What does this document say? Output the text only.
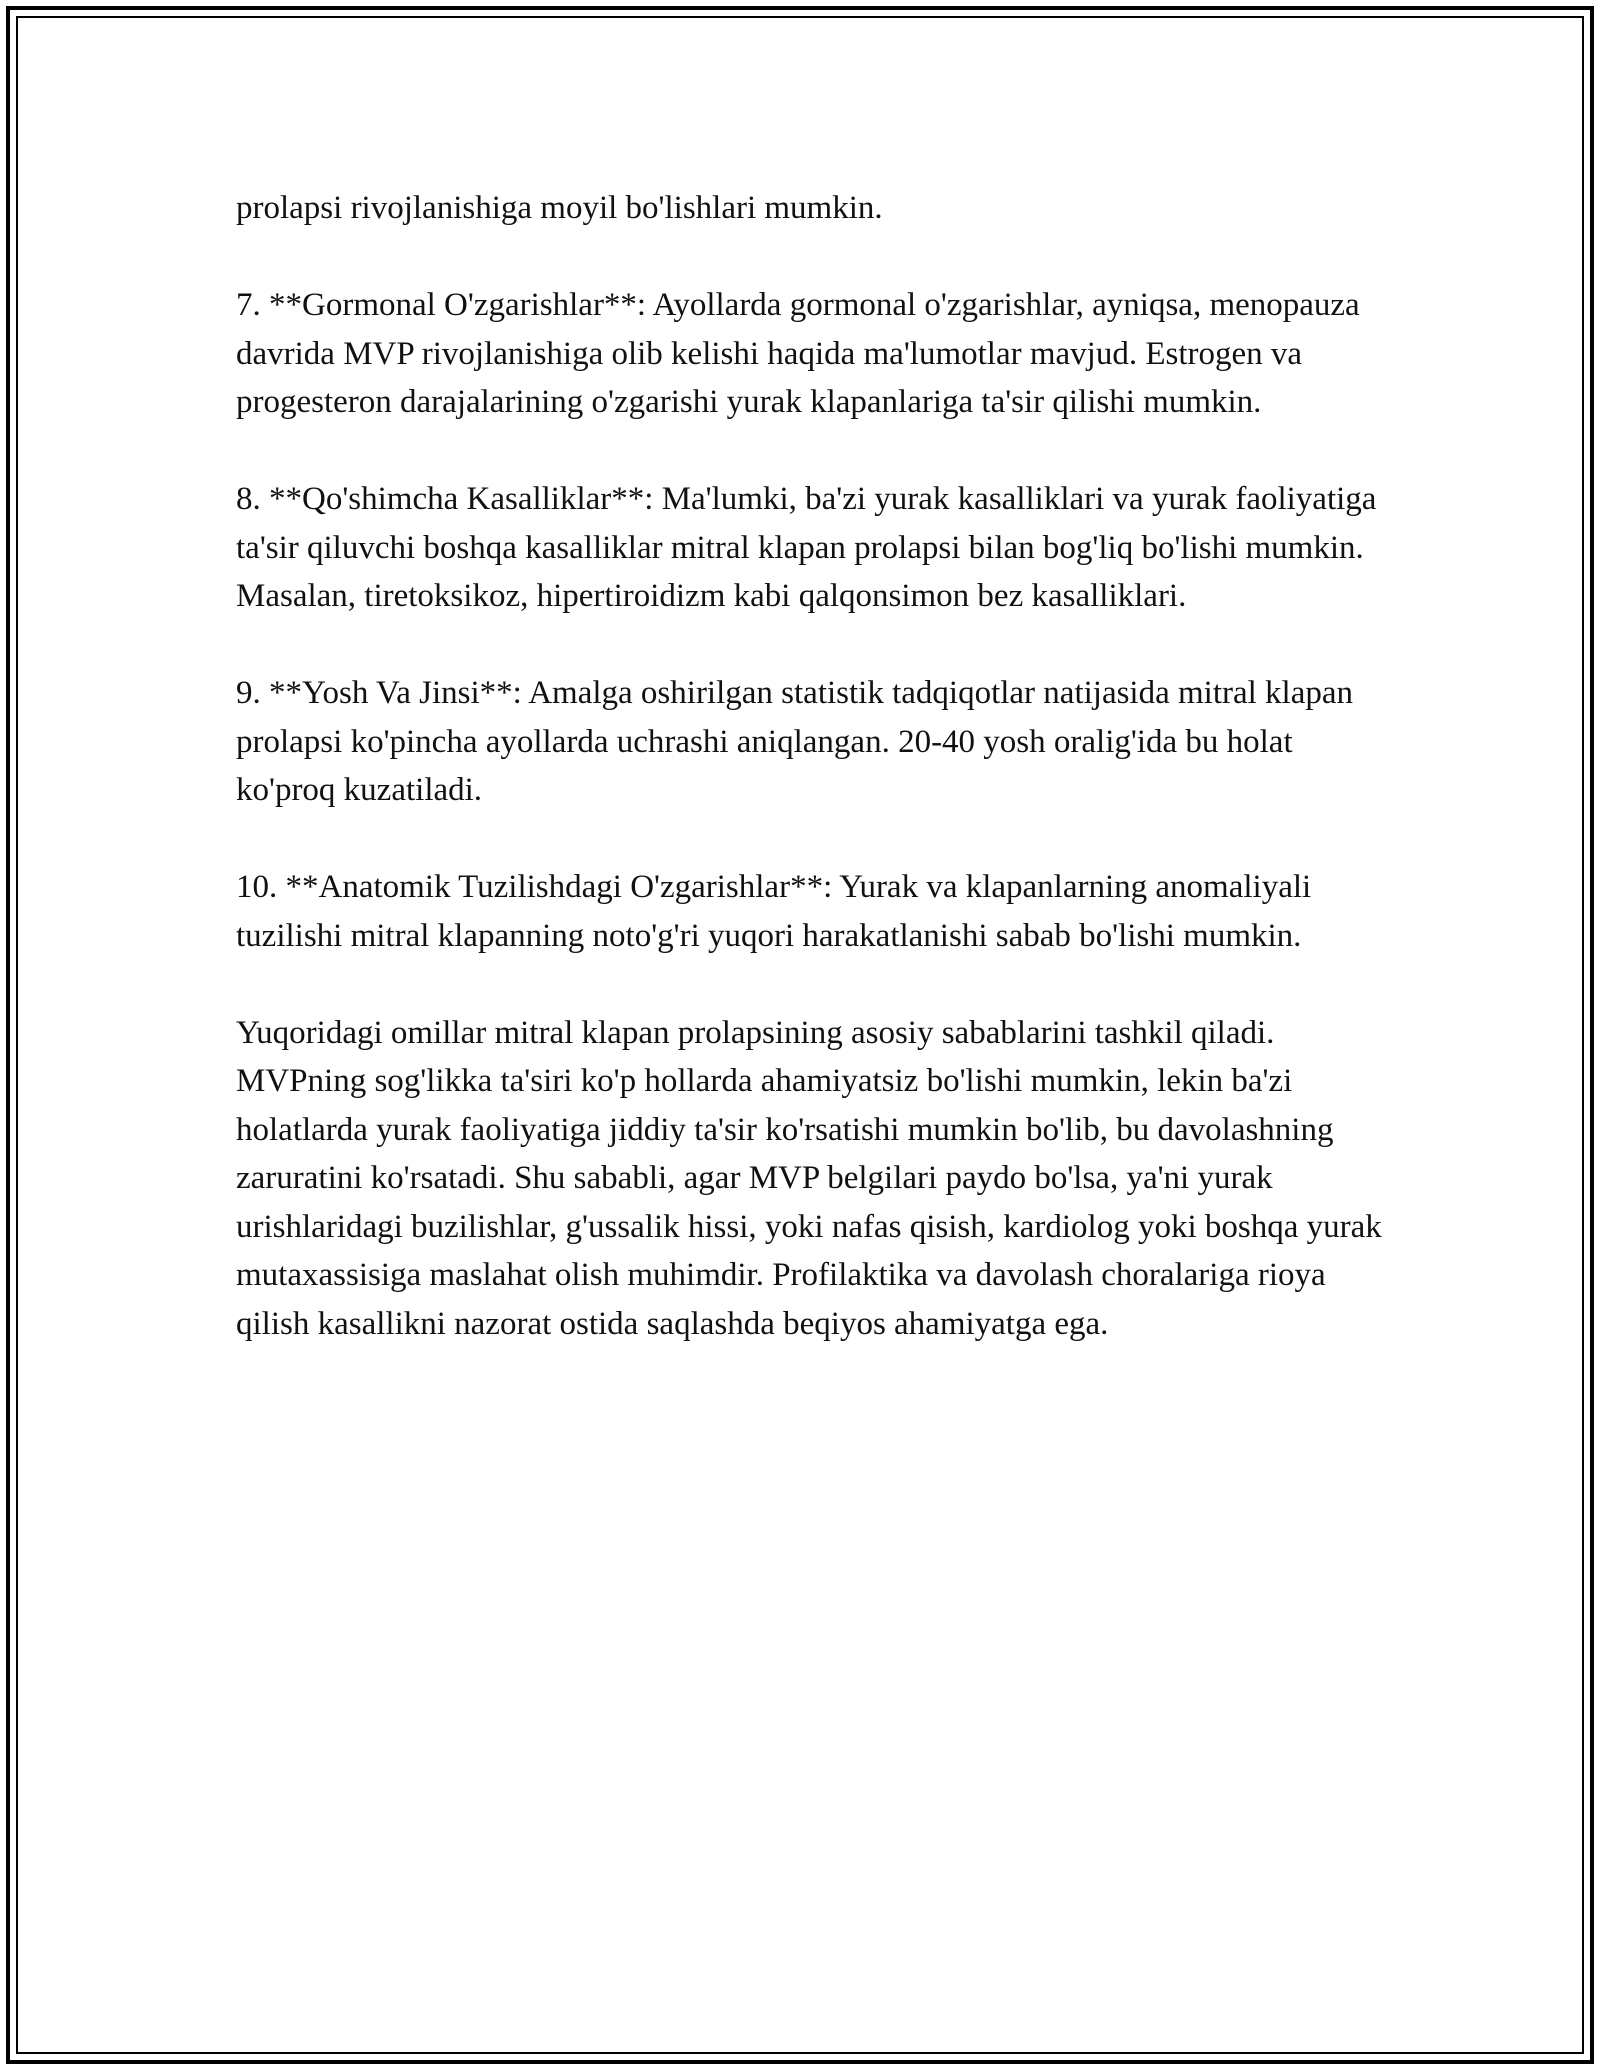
prolapsi rivojlanishiga moyil bo'lishlari mumkin.

7. **Gormonal O'zgarishlar**: Ayollarda gormonal o'zgarishlar, ayniqsa, menopauza davrida MVP rivojlanishiga olib kelishi haqida ma'lumotlar mavjud. Estrogen va progesteron darajalarining o'zgarishi yurak klapanlariga ta'sir qilishi mumkin.

8. **Qo'shimcha Kasalliklar**: Ma'lumki, ba'zi yurak kasalliklari va yurak faoliyatiga ta'sir qiluvchi boshqa kasalliklar mitral klapan prolapsi bilan bog'liq bo'lishi mumkin. Masalan, tiretoksikoz, hipertiroidizm kabi qalqonsimon bez kasalliklari.

9. **Yosh Va Jinsi**: Amalga oshirilgan statistik tadqiqotlar natijasida mitral klapan prolapsi ko'pincha ayollarda uchrashi aniqlangan. 20-40 yosh oralig'ida bu holat ko'proq kuzatiladi.

10. **Anatomik Tuzilishdagi O'zgarishlar**: Yurak va klapanlarning anomaliyali tuzilishi mitral klapanning noto'g'ri yuqori harakatlanishi sabab bo'lishi mumkin.

Yuqoridagi omillar mitral klapan prolapsining asosiy sabablarini tashkil qiladi. MVPning sog'likka ta'siri ko'p hollarda ahamiyatsiz bo'lishi mumkin, lekin ba'zi holatlarda yurak faoliyatiga jiddiy ta'sir ko'rsatishi mumkin bo'lib, bu davolashning zaruratini ko'rsatadi. Shu sababli, agar MVP belgilari paydo bo'lsa, ya'ni yurak urishlaridagi buzilishlar, g'ussalik hissi, yoki nafas qisish, kardiolog yoki boshqa yurak mutaxassisiga maslahat olish muhimdir. Profilaktika va davolash choralariga rioya qilish kasallikni nazorat ostida saqlashda beqiyos ahamiyatga ega.
